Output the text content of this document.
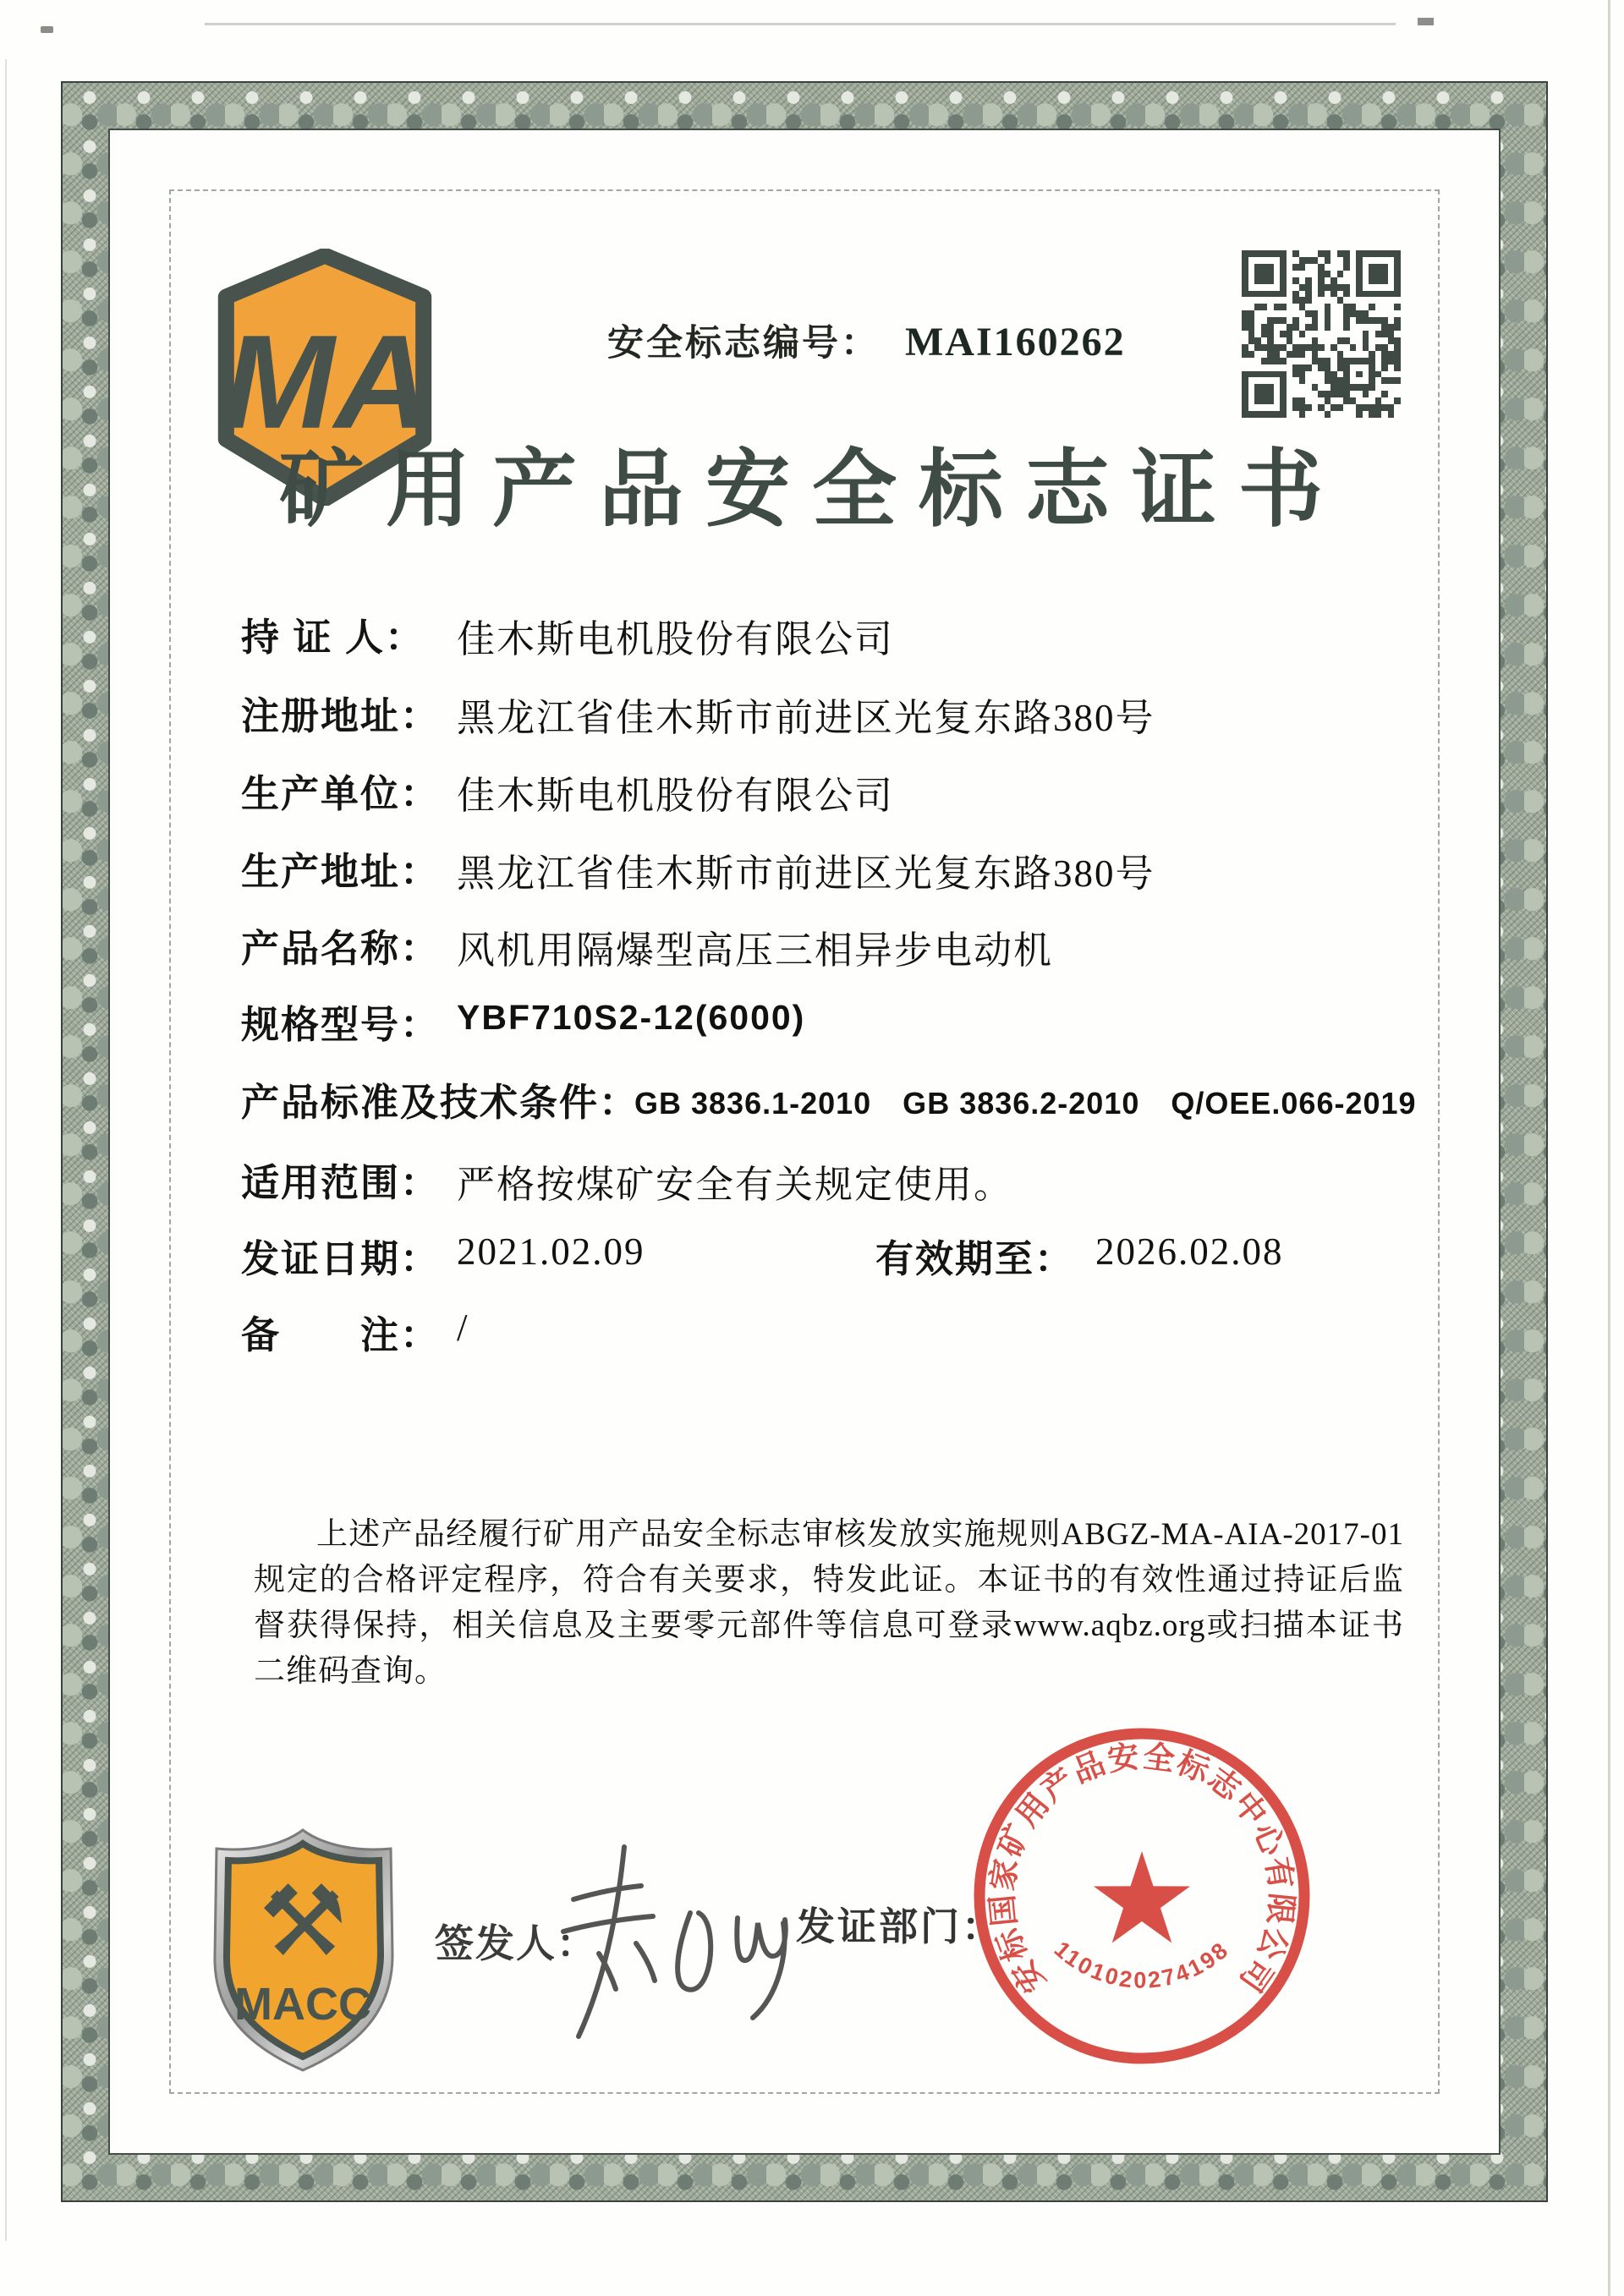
MA	安全标志编号： MAI160262
矿用产品安全标志证书
持 证 人： 佳木斯电机股份有限公司
注册地址： 黑龙江省佳木斯市前进区光复东路380号
生产单位： 佳木斯电机股份有限公司
生产地址： 黑龙江省佳木斯市前进区光复东路380号
产品名称： 风机用隔爆型高压三相异步电动机
规格型号： YBF710S2-12(6000)
产品标准及技术条件：
GB 3836.1-2010　GB 3836.2-2010　Q/OEE.066-2019
适用范围： 严格按煤矿安全有关规定使用。
发证日期： 2021.02.09	有效期至： 2026.02.08
备　　注： /

上述产品经履行矿用产品安全标志审核发放实施规则ABGZ-MA-AIA-2017-01规定的合格评定程序，符合有关要求，特发此证。本证书的有效性通过持证后监督获得保持，相关信息及主要零元部件等信息可登录www.aqbz.org或扫描本证书二维码查询。

⚒
MACC
签发人：	发证部门：
安标国家矿用产品安全标志中心有限公司
1101020274198
